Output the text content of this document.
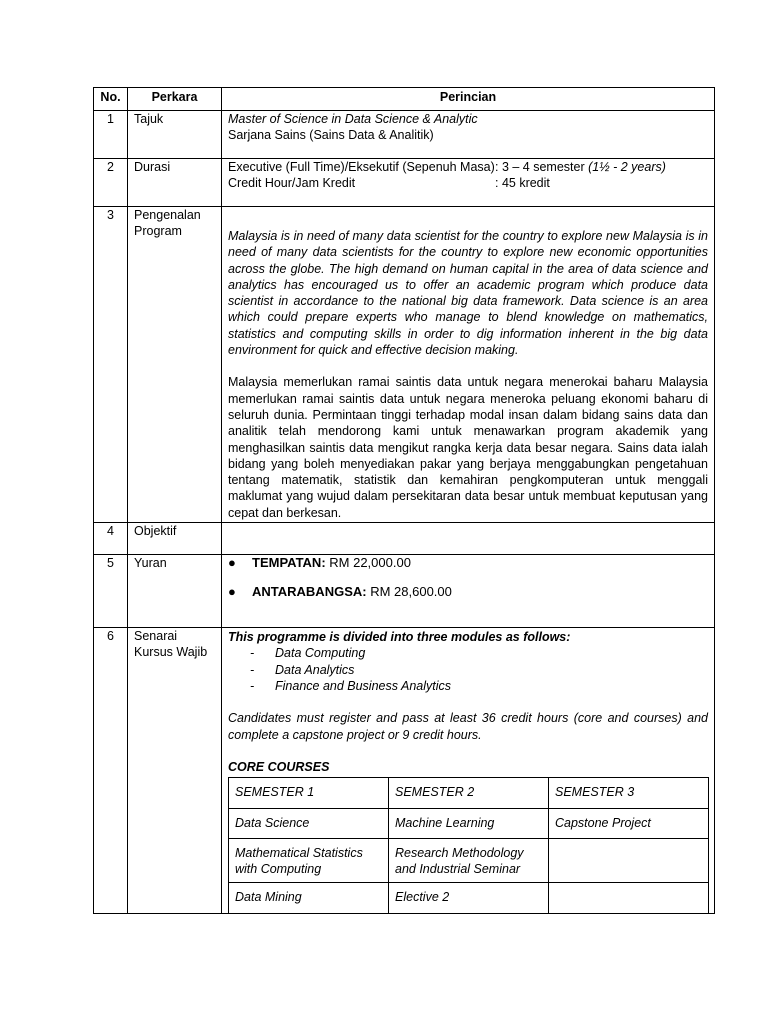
No.	Perkara	Perincian
1	Tajuk	Master of Science in Data Science & Analytic

Sarjana Sains (Sains Data & Analitik)

2	Durasi	Executive (Full Time)/Eksekutif (Sepenuh Masa) : 3 – 4 semester (1½ - 2 years)
Credit Hour/Jam Kredit	: 45 kredit

3	Pengenalan Program	Malaysia is in need of many data scientist for the country to explore new Malaysia is in need of many data scientists for the country to explore new economic opportunities across the globe. The high demand on human capital in the area of data science and analytics has encouraged us to offer an academic program which produce data scientist in accordance to the national big data framework. Data science is an area which could prepare experts who manage to blend knowledge on mathematics, statistics and computing skills in order to dig information inherent in the big data environment for quick and effective decision making.

Malaysia memerlukan ramai saintis data untuk negara menerokai baharu Malaysia memerlukan ramai saintis data untuk negara meneroka peluang ekonomi baharu di seluruh dunia. Permintaan tinggi terhadap modal insan dalam bidang sains data dan analitik telah mendorong kami untuk menawarkan program akademik yang menghasilkan saintis data mengikut rangka kerja data besar negara. Sains data ialah bidang yang boleh menyediakan pakar yang berjaya menggabungkan pengetahuan tentang matematik, statistik dan kemahiran pengkomputeran untuk menggali maklumat yang wujud dalam persekitaran data besar untuk membuat keputusan yang cepat dan berkesan.

4	Objektif	
5	Yuran	●	TEMPATAN: RM 22,000.00
●	ANTARABANGSA: RM 28,600.00

6	Senarai Kursus Wajib	

This programme is divided into three modules as follows:

-	Data Computing
-	Data Analytics
-	Finance and Business Analytics

Candidates must register and pass at least 36 credit hours (core and courses) and complete a capstone project or 9 credit hours.

CORE COURSES

SEMESTER 1	SEMESTER 2	SEMESTER 3
Data Science	Machine Learning	Capstone Project
Mathematical Statistics with Computing	Research Methodology and Industrial Seminar	
Data Mining	Elective 2	
